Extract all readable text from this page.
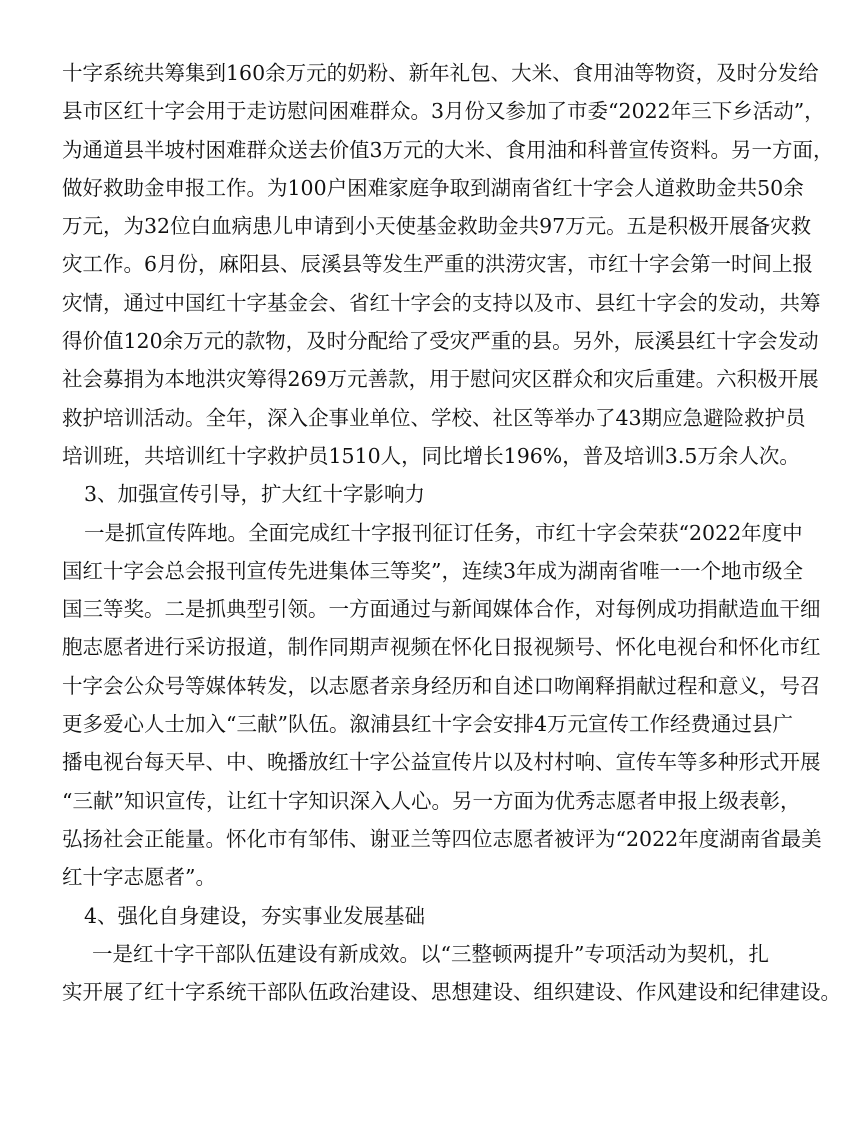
十字系统共筹集到160余万元的奶粉、新年礼包、大米、食用油等物资，及时分发给
县市区红十字会用于走访慰问困难群众。3月份又参加了市委“2022年三下乡活动”，
为通道县半坡村困难群众送去价值3万元的大米、食用油和科普宣传资料。另一方面，
做好救助金申报工作。为100户困难家庭争取到湖南省红十字会人道救助金共50余
万元，为32位白血病患儿申请到小天使基金救助金共97万元。五是积极开展备灾救
灾工作。6月份，麻阳县、辰溪县等发生严重的洪涝灾害，市红十字会第一时间上报
灾情，通过中国红十字基金会、省红十字会的支持以及市、县红十字会的发动，共筹
得价值120余万元的款物，及时分配给了受灾严重的县。另外，辰溪县红十字会发动
社会募捐为本地洪灾筹得269万元善款，用于慰问灾区群众和灾后重建。六积极开展
救护培训活动。全年，深入企事业单位、学校、社区等举办了43期应急避险救护员
培训班，共培训红十字救护员1510人，同比增长196%，普及培训3.5万余人次。
3、加强宣传引导，扩大红十字影响力
一是抓宣传阵地。全面完成红十字报刊征订任务，市红十字会荣获“2022年度中
国红十字会总会报刊宣传先进集体三等奖”，连续3年成为湖南省唯一一个地市级全
国三等奖。二是抓典型引领。一方面通过与新闻媒体合作，对每例成功捐献造血干细
胞志愿者进行采访报道，制作同期声视频在怀化日报视频号、怀化电视台和怀化市红
十字会公众号等媒体转发，以志愿者亲身经历和自述口吻阐释捐献过程和意义，号召
更多爱心人士加入“三献”队伍。溆浦县红十字会安排4万元宣传工作经费通过县广
播电视台每天早、中、晚播放红十字公益宣传片以及村村响、宣传车等多种形式开展
“三献”知识宣传，让红十字知识深入人心。另一方面为优秀志愿者申报上级表彰，
弘扬社会正能量。怀化市有邹伟、谢亚兰等四位志愿者被评为“2022年度湖南省最美
红十字志愿者”。
4、强化自身建设，夯实事业发展基础
一是红十字干部队伍建设有新成效。以“三整顿两提升”专项活动为契机，扎
实开展了红十字系统干部队伍政治建设、思想建设、组织建设、作风建设和纪律建设。
